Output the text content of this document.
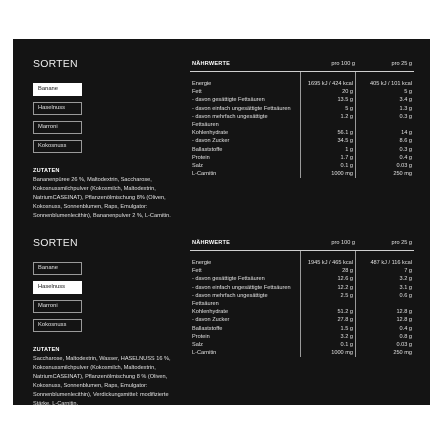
SORTEN
Banane
Haselnuss
Marroni
Kokosnuss
ZUTATEN
Bananenpüree 26 %, Maltodextrin, Saccharose, Kokosnussmilchpulver (Kokosmilch, Maltodextrin, NatriumCASEINAT), Pflanzenölmischung 8% (Oliven, Kokosnuss, Sonnenblumen, Raps, Emulgator: Sonnenblumenlecithin), Bananenpulver 2 %, L-Carnitin.
NÄHRWERTE	pro 100 g	pro 25 g
Energie	1695 kJ / 424 kcal	405 kJ / 101 kcal
Fett	20 g	5 g
- davon gesättigte Fettsäuren	13.5 g	3.4 g
- davon einfach ungesättigte Fettsäuren	5 g	1.3 g
- davon mehrfach ungesättigte	1.2 g	0.3 g
Fettsäuren
Kohlenhydrate	56.1 g	14 g
- davon Zucker	34.5 g	8.6 g
Ballaststoffe	1 g	0.3 g
Protein	1.7 g	0.4 g
Salz	0.1 g	0.03 g
L-Carnitin	1000 mg	250 mg
SORTEN
Banane
Haselnuss
Marroni
Kokosnuss
ZUTATEN
Saccharose, Maltodextrin, Wasser, HASELNUSS 16 %, Kokosnussmilchpulver (Kokosmilch, Maltodextrin, NatriumCASEINAT), Pflanzenölmischung 8 % (Oliven, Kokosnuss, Sonnenblumen, Raps, Emulgator: Sonnenblumenlecithin), Verdickungsmittel: modifizierte Stärke, L-Carnitin.
NÄHRWERTE	pro 100 g	pro 25 g
Energie	1945 kJ / 465 kcal	487 kJ / 116 kcal
Fett	28 g	7 g
- davon gesättigte Fettsäuren	12.6 g	3.2 g
- davon einfach ungesättigte Fettsäuren	12.2 g	3.1 g
- davon mehrfach ungesättigte	2.5 g	0.6 g
Fettsäuren
Kohlenhydrate	51.2 g	12.8 g
- davon Zucker	27.8 g	12.8 g
Ballaststoffe	1.5 g	0.4 g
Protein	3.2 g	0.8 g
Salz	0.1 g	0.03 g
L-Carnitin	1000 mg	250 mg
